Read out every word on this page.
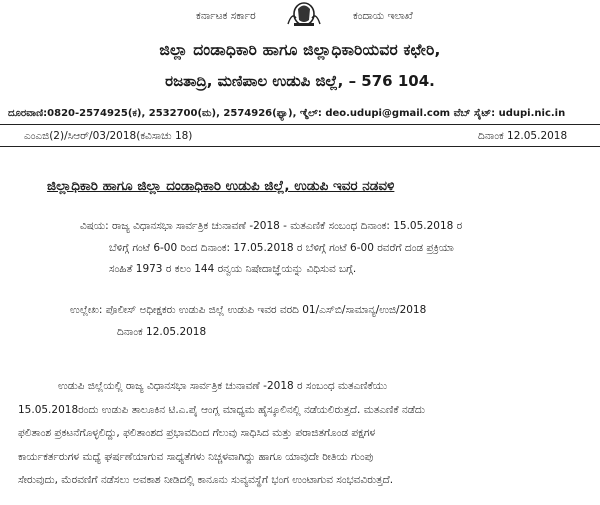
ಕರ್ನಾಟಕ ಸರ್ಕಾರ	ಕಂದಾಯ ಇಲಾಖೆ
ಜಿಲ್ಲಾ ದಂಡಾಧಿಕಾರಿ ಹಾಗೂ ಜಿಲ್ಲಾಧಿಕಾರಿಯವರ ಕಛೇರಿ,
ರಜತಾದ್ರಿ, ಮಣಿಪಾಲ ಉಡುಪಿ ಜಿಲ್ಲೆ, – 576 104.
ದೂರವಾಣಿ:0820-2574925(ಕ), 2532700(ಮ), 2574926(ಫ್ಯಾ), ಇ್ಮೆಲ್: deo.udupi@gmail.com ವೆಬ್ ಸೈಟ್: udupi.nic.in
ಎಂಎಜಿ(2)/ಸಿಆರ್/03/2018(ಕವಿಸಾಚು 18)	ದಿನಾಂಕ 12.05.2018
ಜಿಲ್ಲಾಧಿಕಾರಿ ಹಾಗೂ ಜಿಲ್ಲಾ ದಂಡಾಧಿಕಾರಿ ಉಡುಪಿ ಜಿಲ್ಲೆ, ಉಡುಪಿ ಇವರ ನಡವಳಿ
ವಿಷಯ: ರಾಜ್ಯ ವಿಧಾನಸಭಾ ಸಾರ್ವತ್ರಿಕ ಚುನಾವಣೆ -2018 - ಮತಎಣಿಕೆ ಸಂಬಂಧ ದಿನಾಂಕ: 15.05.2018 ರ
ಬೆಳಿಗ್ಗೆ ಗಂಟೆ 6-00 ರಿಂದ ದಿನಾಂಕ: 17.05.2018 ರ ಬೆಳಿಗ್ಗೆ ಗಂಟೆ 6-00 ರವರೆಗೆ ದಂಡ ಪ್ರಕ್ರಿಯಾ
ಸಂಹಿತೆ 1973 ರ ಕಲಂ 144 ರನ್ವಯ ನಿಷೇದಾಜ್ಞೆಯನ್ನು ವಿಧಿಸುವ ಬಗ್ಗೆ.
ಉಲ್ಲೇಖ: ಪೊಲೀಸ್ ಅಧೀಕ್ಷಕರು ಉಡುಪಿ ಜಿಲ್ಲೆ ಉಡುಪಿ ಇವರ ವರದಿ 01/ಎಸ್‌ಬಿ/ಸಾಮಾನ್ಯ/ಉಜಿ/2018
ದಿನಾಂಕ 12.05.2018
ಉಡುಪಿ ಜಿಲ್ಲೆಯಲ್ಲಿ ರಾಜ್ಯ ವಿಧಾನಸಭಾ ಸಾರ್ವತ್ರಿಕ ಚುನಾವಣೆ -2018 ರ ಸಂಬಂಧ ಮತಎಣಿಕೆಯು
15.05.2018ರಂದು ಉಡುಪಿ ತಾಲೂಕಿನ ಟಿ.ಎ.ಪೈ ಆಂಗ್ಲ ಮಾಧ್ಯಮ ಹೈಸ್ಕೂಲಿನಲ್ಲಿ ನಡೆಯಲಿರುತ್ತದೆ. ಮತಎಣಿಕೆ ನಡೆದು
ಫಲಿತಾಂಶ ಪ್ರಕಟನೆಗೊಳ್ಳಲಿದ್ದು, ಫಲಿತಾಂಶದ ಪ್ರಭಾವದಿಂದ ಗೆಲುವು ಸಾಧಿಸಿದ ಮತ್ತು ಪರಾಜಿತಗೊಂಡ ಪಕ್ಷಗಳ
ಕಾರ್ಯಕರ್ತರುಗಳ ಮಧ್ಯೆ ಘರ್ಷಣೆಯಾಗುವ ಸಾಧ್ಯತೆಗಳು ನಿಚ್ಚಳವಾಗಿದ್ದು ಹಾಗೂ ಯಾವುದೇ ರೀತಿಯ ಗುಂಪು
ಸೇರುವುದು, ಮೆರವಣಿಗೆ ನಡೆಸಲು ಅವಕಾಶ ನೀಡಿದಲ್ಲಿ ಕಾನೂನು ಸುವ್ಯವಸ್ಥೆಗೆ ಭಂಗ ಉಂಟಾಗುವ ಸಂಭವವಿರುತ್ತದೆ.
